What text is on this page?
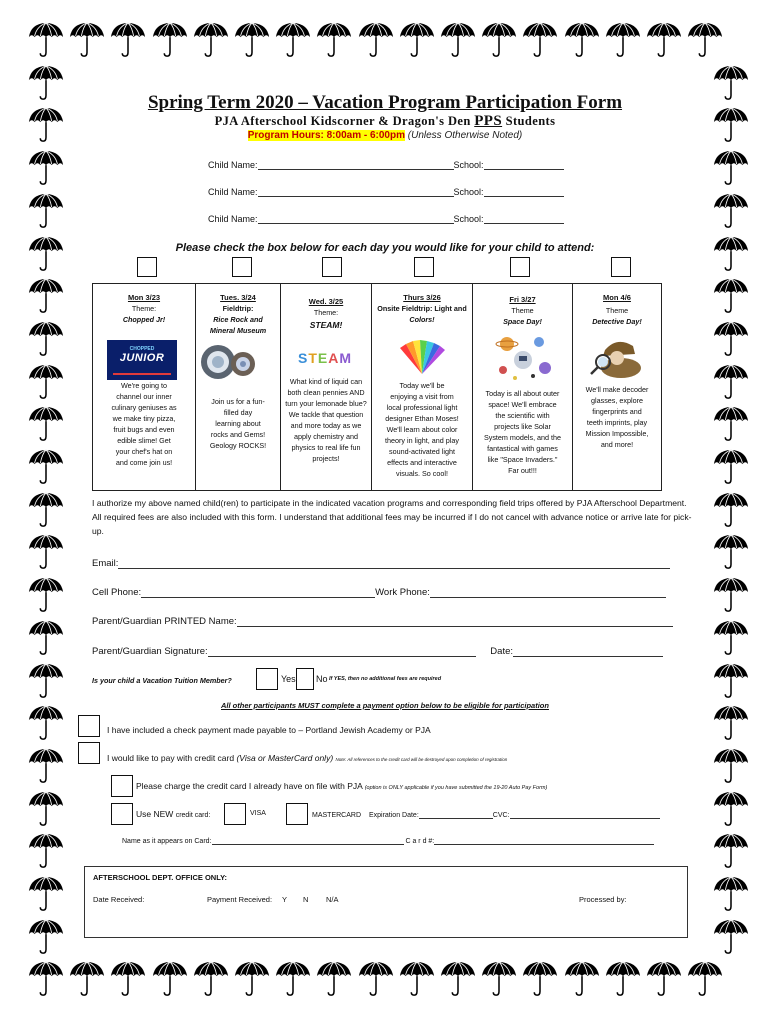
Spring Term 2020 – Vacation Program Participation Form
PJA Afterschool Kidscorner & Dragon's Den PPS Students
Program Hours: 8:00am - 6:00pm (Unless Otherwise Noted)
Child Name:	School:
Child Name:	School:
Child Name:	School:
Please check the box below for each day you would like for your child to attend:
Mon 3/23
Theme:
Chopped Jr!
CHOPPED
JUNIOR
We're going to
channel our inner
culinary geniuses as
we make tiny pizza,
fruit bugs and even
edible slime! Get
your chef's hat on
and come join us!
Tues. 3/24
Fieldtrip:
Rice Rock and
Mineral Museum
Join us for a fun-
filled day
learning about
rocks and Gems!
Geology ROCKS!
Wed. 3/25
Theme:
STEAM!
STEAM
What kind of liquid can
both clean pennies AND
turn your lemonade blue?
We tackle that question
and more today as we
apply chemistry and
physics to real life fun
projects!
Thurs 3/26
Onsite Fieldtrip: Light and
Colors!
Today we'll be
enjoying a visit from
local professional light
designer Ethan Moses!
We'll learn about color
theory in light, and play
sound-activated light
effects and interactive
visuals. So cool!
Fri 3/27
Theme
Space Day!
Today is all about outer
space! We'll embrace
the scientific with
projects like Solar
System models, and the
fantastical with games
like "Space Invaders."
Far out!!!
Mon 4/6
Theme
Detective Day!
We'll make decoder
glasses, explore
fingerprints and
teeth imprints, play
Mission Impossible,
and more!
I authorize my above named child(ren) to participate in the indicated vacation programs and corresponding field trips offered by PJA Afterschool Department. All required fees are also included with this form. I understand that additional fees may be incurred if I do not cancel with advance notice or arrive late for pick-up.
Email:
Cell Phone:	Work Phone:
Parent/Guardian PRINTED Name:
Parent/Guardian Signature:	Date:
Is your child a Vacation Tuition Member?	Yes No If YES, then no additional fees are required
All other participants MUST complete a payment option below to be eligible for participation
I have included a check payment made payable to – Portland Jewish Academy or PJA
I would like to pay with credit card (Visa or MasterCard only) Note: All references to the credit card will be destroyed upon completion of registration
Please charge the credit card I already have on file with PJA (option is ONLY applicable if you have submitted the 19-20 Auto Pay Form)
Use NEW credit card:	VISA	MASTERCARD Expiration Date:	CVC:
Name as it appears on Card:	C a r d #:
AFTERSCHOOL DEPT. OFFICE ONLY:
Date Received:	Payment Received: Y N N/A	Processed by:
